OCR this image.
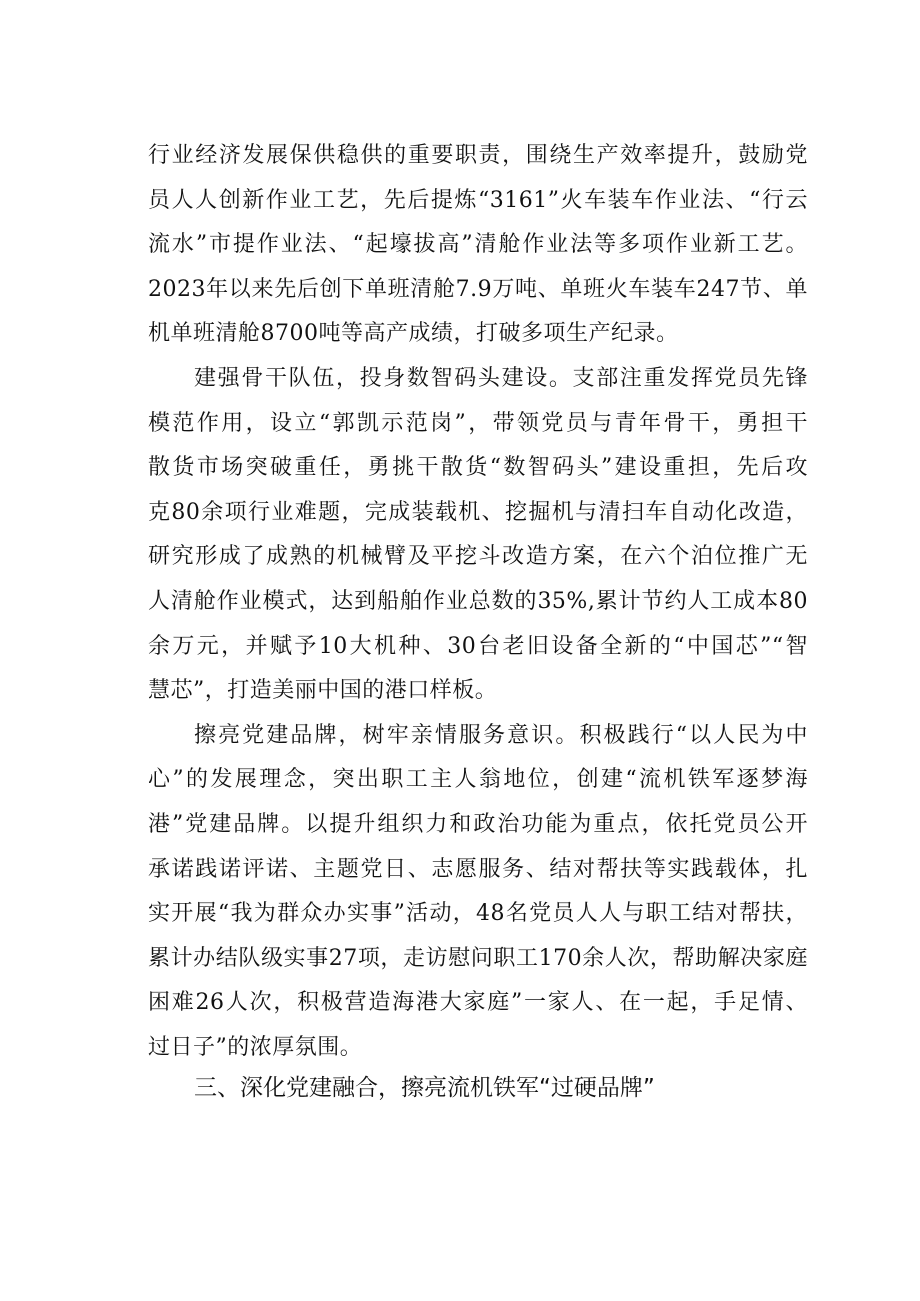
行业经济发展保供稳供的重要职责，围绕生产效率提升，鼓励党
员人人创新作业工艺，先后提炼“3161”火车装车作业法、“行云
流水”市提作业法、“起壕拔高”清舱作业法等多项作业新工艺。
2023年以来先后创下单班清舱7.9万吨、单班火车装车247节、单
机单班清舱8700吨等高产成绩，打破多项生产纪录。
建强骨干队伍，投身数智码头建设。支部注重发挥党员先锋
模范作用，设立“郭凯示范岗”，带领党员与青年骨干，勇担干
散货市场突破重任，勇挑干散货“数智码头”建设重担，先后攻
克80余项行业难题，完成装载机、挖掘机与清扫车自动化改造，
研究形成了成熟的机械臂及平挖斗改造方案，在六个泊位推广无
人清舱作业模式，达到船舶作业总数的35%,累计节约人工成本80
余万元，并赋予10大机种、30台老旧设备全新的“中国芯”“智
慧芯”，打造美丽中国的港口样板。
擦亮党建品牌，树牢亲情服务意识。积极践行“以人民为中
心”的发展理念，突出职工主人翁地位，创建“流机铁军逐梦海
港”党建品牌。以提升组织力和政治功能为重点，依托党员公开
承诺践诺评诺、主题党日、志愿服务、结对帮扶等实践载体，扎
实开展“我为群众办实事”活动，48名党员人人与职工结对帮扶，
累计办结队级实事27项，走访慰问职工170余人次，帮助解决家庭
困难26人次，积极营造海港大家庭”一家人、在一起，手足情、
过日子”的浓厚氛围。
三、深化党建融合，擦亮流机铁军“过硬品牌”
